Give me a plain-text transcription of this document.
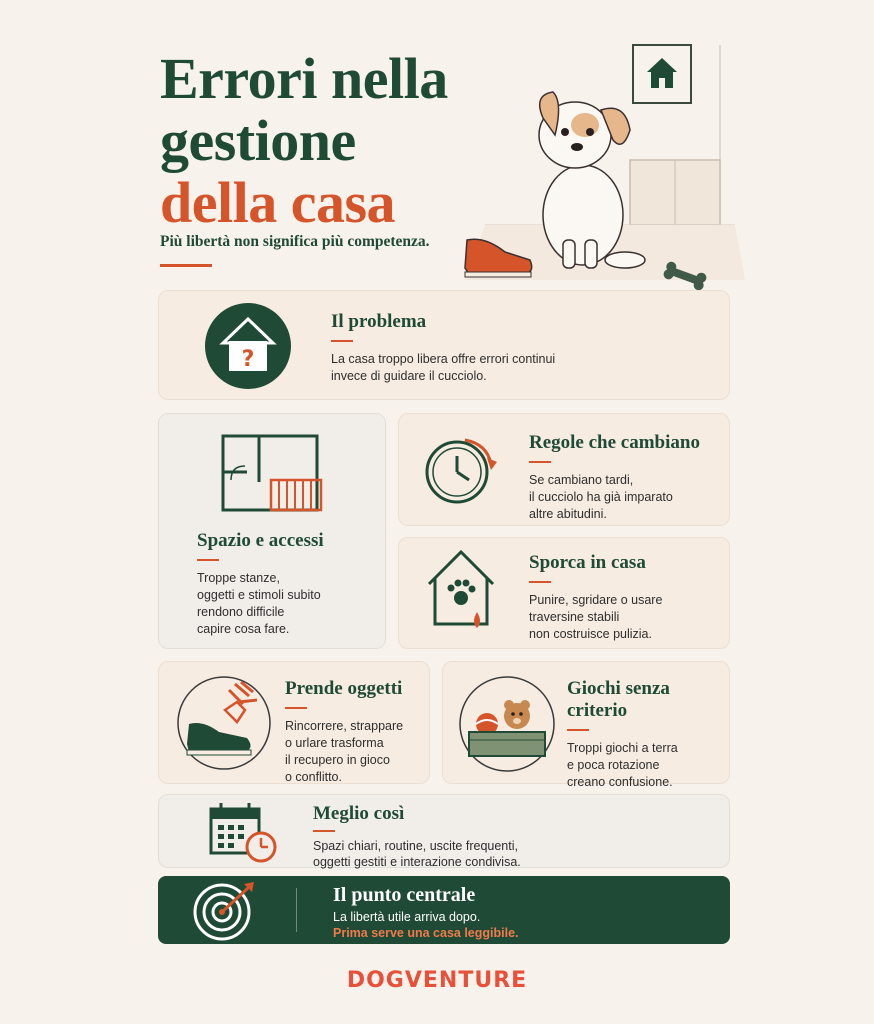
Errori nella
gestione
della casa
Più libertà non significa più competenza.
?
Il problema

La casa troppo libera offre errori continui

invece di guidare il cucciolo.

Spazio e accessi

Troppe stanze,

oggetti e stimoli subito

rendono difficile

capire cosa fare.

Regole che cambiano

Se cambiano tardi,

il cucciolo ha già imparato

altre abitudini.

Sporca in casa

Punire, sgridare o usare

traversine stabili

non costruisce pulizia.

Prende oggetti

Rincorrere, strappare

o urlare trasforma

il recupero in gioco

o conflitto.

Giochi senza
criterio

Troppi giochi a terra

e poca rotazione

creano confusione.

Meglio così

Spazi chiari, routine, uscite frequenti,

oggetti gestiti e interazione condivisa.

Il punto centrale
La libertà utile arriva dopo.
Prima serve una casa leggibile.
DOGVENTURE
